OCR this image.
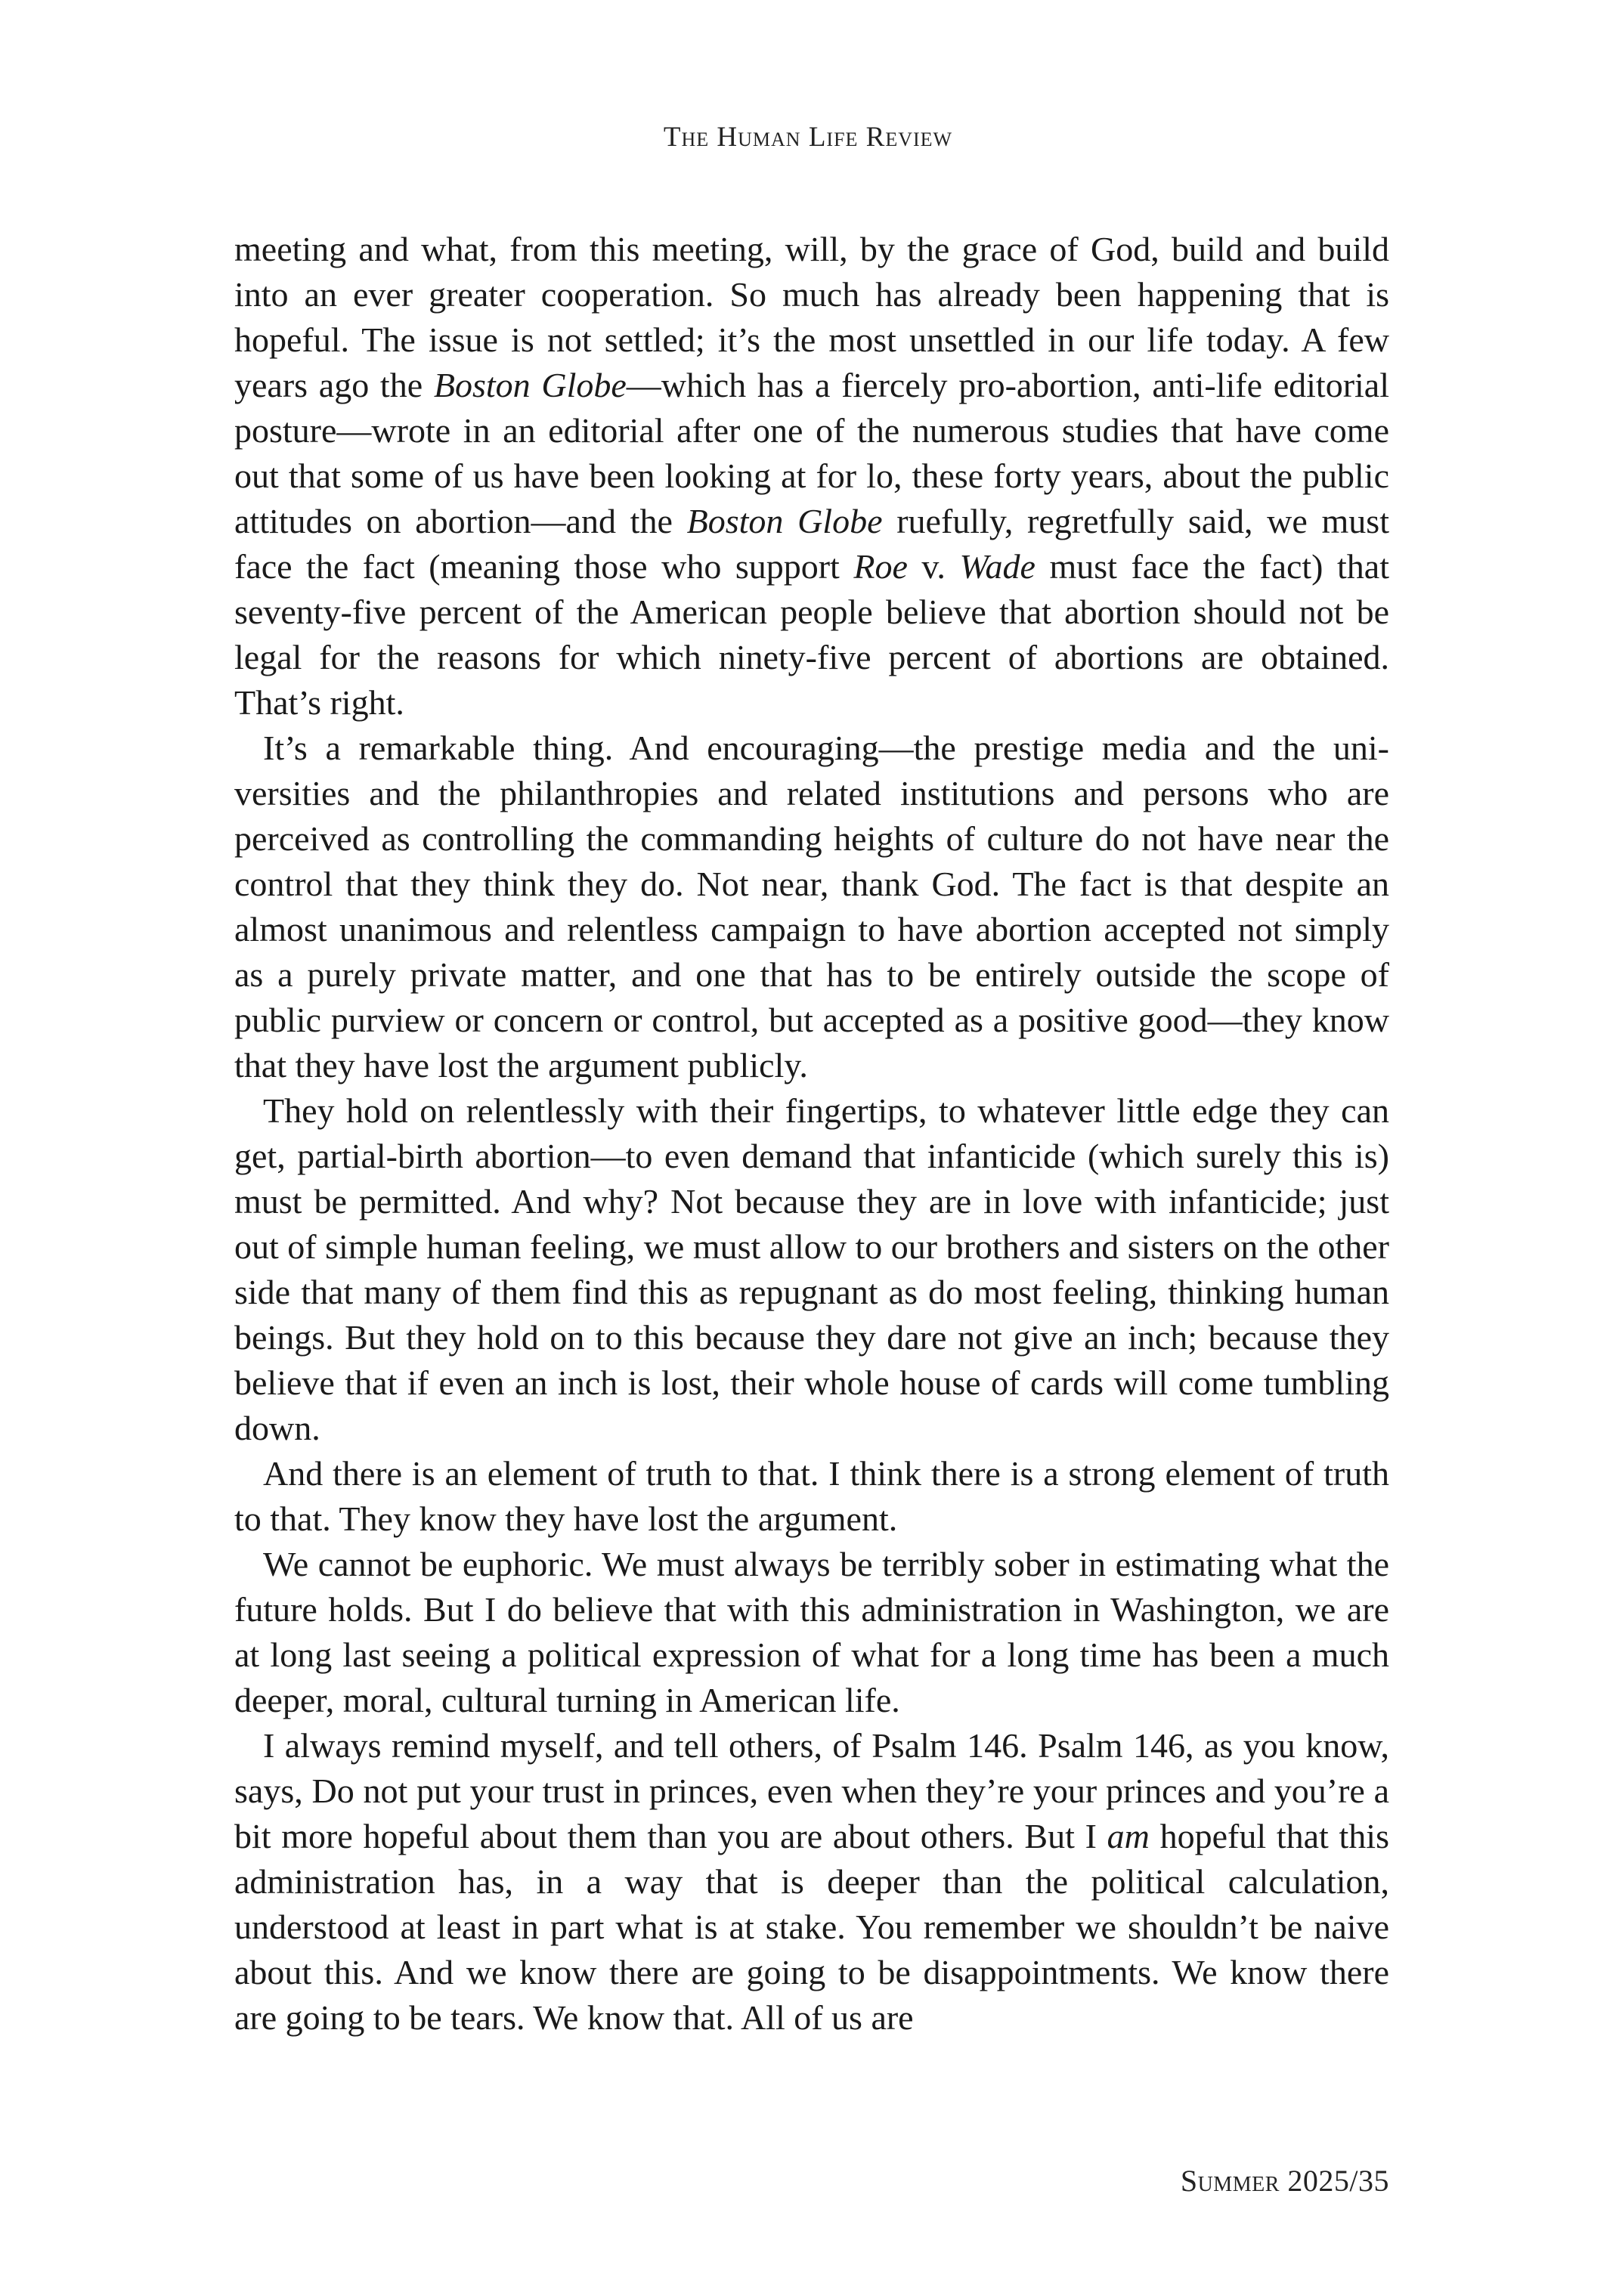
The Human Life Review

meeting and what, from this meeting, will, by the grace of God, build and build into an ever greater cooperation. So much has already been happening that is hopeful. The issue is not settled; it’s the most unsettled in our life today. A few years ago the Boston Globe—which has a fiercely pro-abortion, anti-life editorial posture—wrote in an editorial after one of the numerous studies that have come out that some of us have been looking at for lo, these forty years, about the public attitudes on abortion—and the Boston Globe ruefully, regretfully said, we must face the fact (meaning those who support Roe v. Wade must face the fact) that seventy-five percent of the American people believe that abortion should not be legal for the reasons for which ninety-five percent of abortions are obtained. That’s right.

It’s a remarkable thing. And encouraging—the prestige media and the universities and the philanthropies and related institutions and persons who are perceived as controlling the commanding heights of culture do not have near the control that they think they do. Not near, thank God. The fact is that despite an almost unanimous and relentless campaign to have abortion accepted not simply as a purely private matter, and one that has to be entirely outside the scope of public purview or concern or control, but accepted as a positive good—they know that they have lost the argument publicly.

They hold on relentlessly with their fingertips, to whatever little edge they can get, partial-birth abortion—to even demand that infanticide (which surely this is) must be permitted. And why? Not because they are in love with infanticide; just out of simple human feeling, we must allow to our brothers and sisters on the other side that many of them find this as repugnant as do most feeling, thinking human beings. But they hold on to this because they dare not give an inch; because they believe that if even an inch is lost, their whole house of cards will come tumbling down.

And there is an element of truth to that. I think there is a strong element of truth to that. They know they have lost the argument.

We cannot be euphoric. We must always be terribly sober in estimating what the future holds. But I do believe that with this administration in Washington, we are at long last seeing a political expression of what for a long time has been a much deeper, moral, cultural turning in American life.

I always remind myself, and tell others, of Psalm 146. Psalm 146, as you know, says, Do not put your trust in princes, even when they’re your princes and you’re a bit more hopeful about them than you are about others. But I am hopeful that this administration has, in a way that is deeper than the political calculation, understood at least in part what is at stake. You remember we shouldn’t be naive about this. And we know there are going to be disappointments. We know there are going to be tears. We know that. All of us are

Summer 2025/35
